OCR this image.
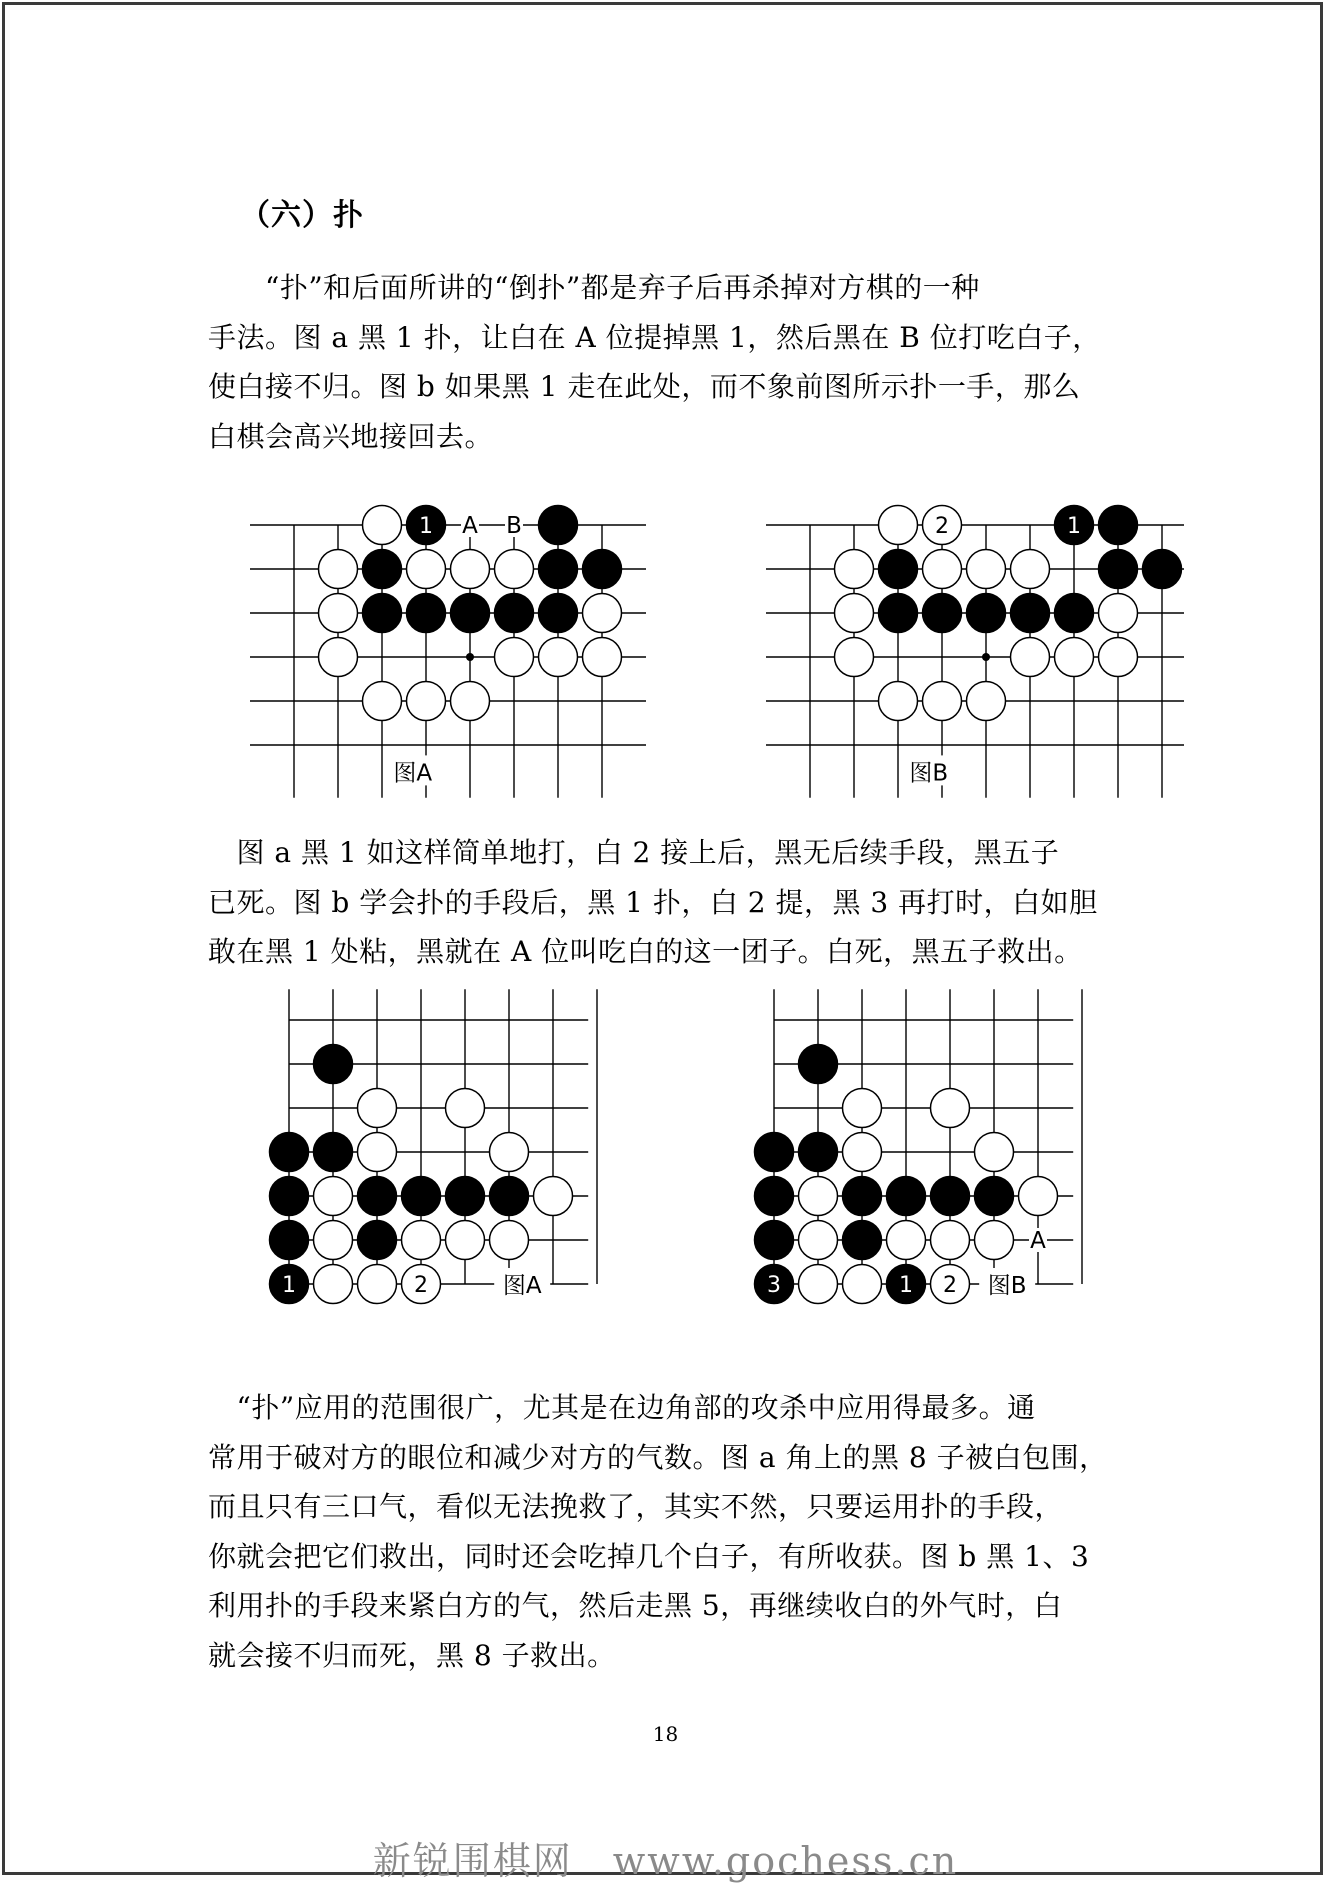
（六）扑

　　“扑”和后面所讲的“倒扑”都是弃子后再杀掉对方棋的一种
手法。图 a 黑 1 扑，让白在 A 位提掉黑 1，然后黑在 B 位打吃白子，
使白接不归。图 b 如果黑 1 走在此处，而不象前图所示扑一手，那么
白棋会高兴地接回去。

A B
1
图A
2	1
图B

　图 a 黑 1 如这样简单地打，白 2 接上后，黑无后续手段，黑五子
已死。图 b 学会扑的手段后，黑 1 扑，白 2 提，黑 3 再打时，白如胆
敢在黑 1 处粘，黑就在 A 位叫吃白的这一团子。白死，黑五子救出。

1	2	图A
A
3	1 2 图B

　“扑”应用的范围很广，尤其是在边角部的攻杀中应用得最多。通
常用于破对方的眼位和减少对方的气数。图 a 角上的黑 8 子被白包围，
而且只有三口气，看似无法挽救了，其实不然，只要运用扑的手段，
你就会把它们救出，同时还会吃掉几个白子，有所收获。图 b 黑 1、3
利用扑的手段来紧白方的气，然后走黑 5，再继续收白的外气时，白
就会接不归而死，黑 8 子救出。

18
新锐围棋网　www.gochess.cn
